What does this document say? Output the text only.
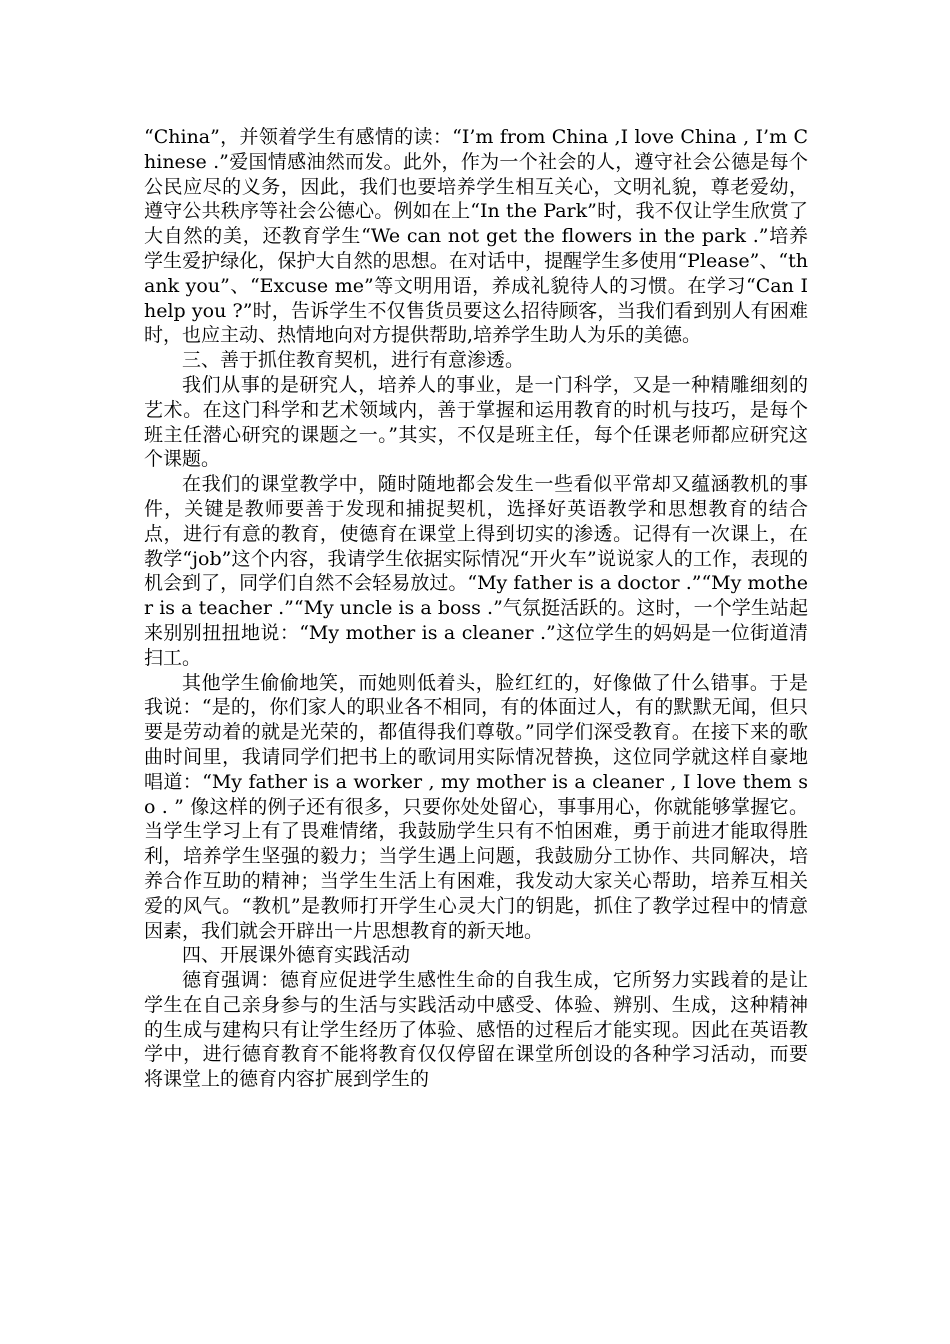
“China”，并领着学生有感情的读：“I’m from China ,I love China , I’m Chinese .”爱国情感油然而发。此外，作为一个社会的人，遵守社会公德是每个公民应尽的义务，因此，我们也要培养学生相互关心，文明礼貌，尊老爱幼，遵守公共秩序等社会公德心。例如在上“In the Park”时，我不仅让学生欣赏了大自然的美，还教育学生“We can not get the flowers in the park .”培养学生爱护绿化，保护大自然的思想。在对话中，提醒学生多使用“Please”、“thank you”、“Excuse me”等文明用语，养成礼貌待人的习惯。在学习“Can I help you ?”时，告诉学生不仅售货员要这么招待顾客，当我们看到别人有困难时，也应主动、热情地向对方提供帮助,培养学生助人为乐的美德。

三、善于抓住教育契机，进行有意渗透。

我们从事的是研究人，培养人的事业，是一门科学，又是一种精雕细刻的艺术。在这门科学和艺术领域内，善于掌握和运用教育的时机与技巧，是每个班主任潜心研究的课题之一。”其实，不仅是班主任，每个任课老师都应研究这个课题。

在我们的课堂教学中，随时随地都会发生一些看似平常却又蕴涵教机的事件，关键是教师要善于发现和捕捉契机，选择好英语教学和思想教育的结合点，进行有意的教育，使德育在课堂上得到切实的渗透。记得有一次课上，在教学“job”这个内容，我请学生依据实际情况“开火车”说说家人的工作，表现的机会到了，同学们自然不会轻易放过。“My father is a doctor .”“My mother is a teacher .”“My uncle is a boss .”气氛挺活跃的。这时，一个学生站起来别别扭扭地说：“My mother is a cleaner .”这位学生的妈妈是一位街道清扫工。

其他学生偷偷地笑，而她则低着头，脸红红的，好像做了什么错事。于是我说：“是的，你们家人的职业各不相同，有的体面过人，有的默默无闻，但只要是劳动着的就是光荣的，都值得我们尊敬。”同学们深受教育。在接下来的歌曲时间里，我请同学们把书上的歌词用实际情况替换，这位同学就这样自豪地唱道：“My father is a worker , my mother is a cleaner , I love them so . ” 像这样的例子还有很多，只要你处处留心，事事用心，你就能够掌握它。当学生学习上有了畏难情绪，我鼓励学生只有不怕困难，勇于前进才能取得胜利，培养学生坚强的毅力；当学生遇上问题，我鼓励分工协作、共同解决，培养合作互助的精神；当学生生活上有困难，我发动大家关心帮助，培养互相关爱的风气。“教机”是教师打开学生心灵大门的钥匙，抓住了教学过程中的情意因素，我们就会开辟出一片思想教育的新天地。

四、开展课外德育实践活动

德育强调：德育应促进学生感性生命的自我生成，它所努力实践着的是让学生在自己亲身参与的生活与实践活动中感受、体验、辨别、生成，这种精神的生成与建构只有让学生经历了体验、感悟的过程后才能实现。因此在英语教学中，进行德育教育不能将教育仅仅停留在课堂所创设的各种学习活动，而要将课堂上的德育内容扩展到学生的
